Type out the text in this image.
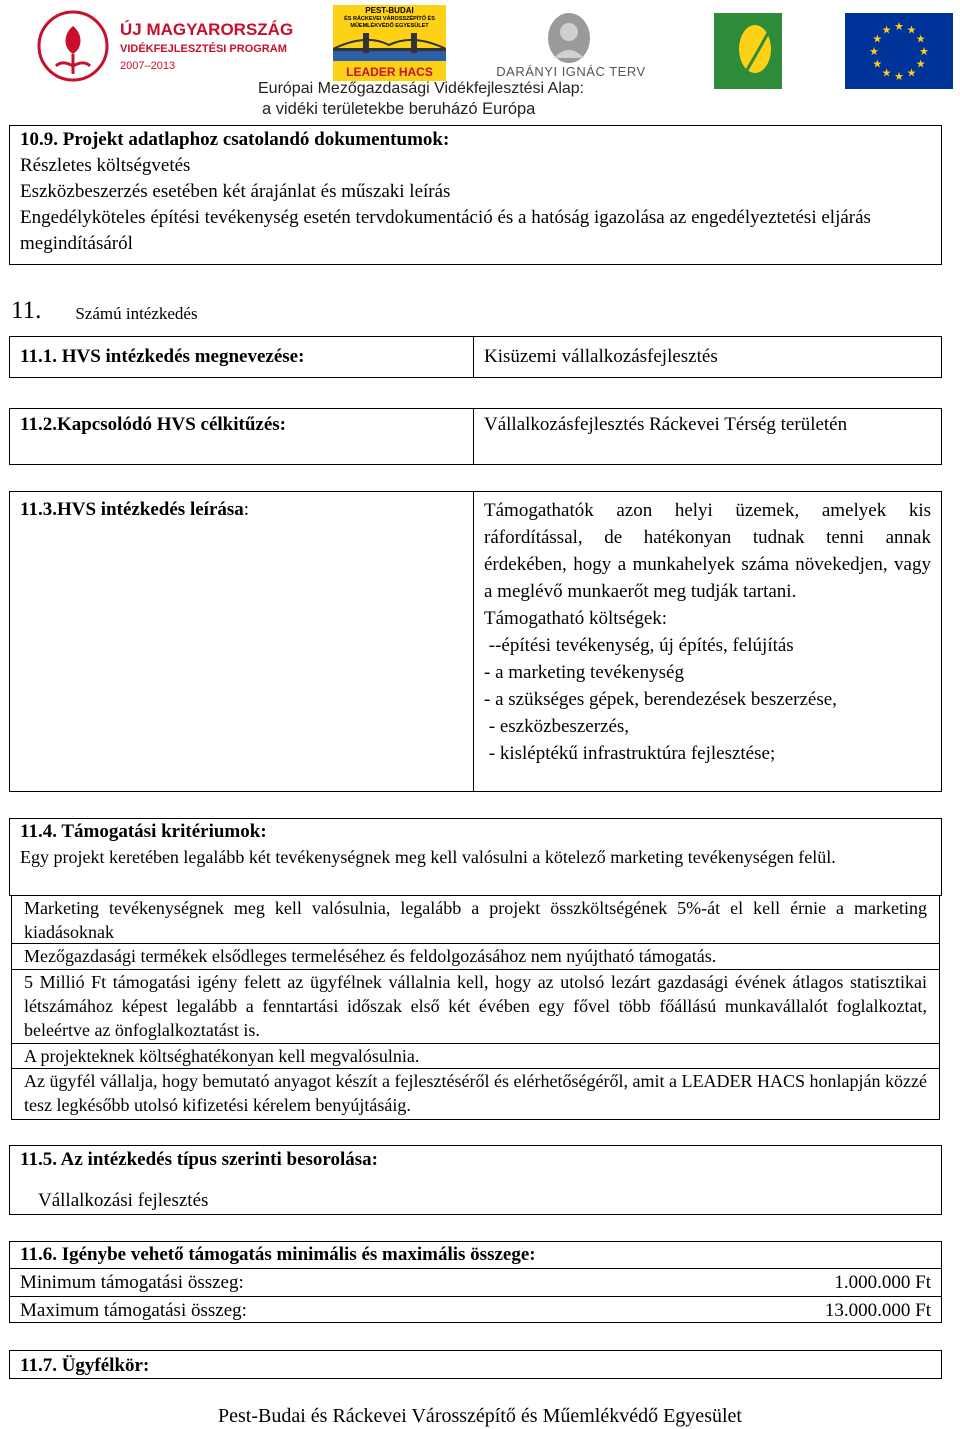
ÚJ MAGYARORSZÁG
VIDÉKFEJLESZTÉSI PROGRAM
2007–2013
PEST-BUDAI
ÉS RÁCKEVEI VÁROSSZÉPÍTŐ ÉS
MŰEMLÉKVÉDŐ EGYESÜLET
LEADER HACS	DARÁNYI IGNÁC TERV
LEADER
★ ★
★
★
★
★
★
★
★
★
★
★
Európai Mezőgazdasági Vidékfejlesztési Alap:
a vidéki területekbe beruházó Európa
10.9. Projekt adatlaphoz csatolandó dokumentumok:
Részletes költségvetés
Eszközbeszerzés esetében két árajánlat és műszaki leírás
Engedélyköteles építési tevékenység esetén tervdokumentáció és a hatóság igazolása az engedélyeztetési eljárás megindításáról
11. Számú intézkedés
11.1. HVS intézkedés megnevezése:	Kisüzemi vállalkozásfejlesztés
11.2.Kapcsolódó HVS célkitűzés:	Vállalkozásfejlesztés Ráckevei Térség területén
11.3.HVS intézkedés leírása:	Támogathatók azon helyi üzemek, amelyek kis ráfordítással, de hatékonyan tudnak tenni annak érdekében, hogy a munkahelyek száma növekedjen, vagy a meglévő munkaerőt meg tudják tartani.
Támogatható költségek:
--építési tevékenység, új építés, felújítás
- a marketing tevékenység
- a szükséges gépek, berendezések beszerzése,
- eszközbeszerzés,
- kisléptékű infrastruktúra fejlesztése;
11.4. Támogatási kritériumok:
Egy projekt keretében legalább két tevékenységnek meg kell valósulni a kötelező marketing tevékenységen felül.
Marketing tevékenységnek meg kell valósulnia, legalább a projekt összköltségének 5%-át el kell érnie a marketing kiadásoknak
Mezőgazdasági termékek elsődleges termeléséhez és feldolgozásához nem nyújtható támogatás.
5 Millió Ft támogatási igény felett az ügyfélnek vállalnia kell, hogy az utolsó lezárt gazdasági évének átlagos statisztikai létszámához képest legalább a fenntartási időszak első két évében egy fővel több főállású munkavállalót foglalkoztat, beleértve az önfoglalkoztatást is.
A projekteknek költséghatékonyan kell megvalósulnia.
Az ügyfél vállalja, hogy bemutató anyagot készít a fejlesztéséről és elérhetőségéről, amit a LEADER HACS honlapján közzé tesz legkésőbb utolsó kifizetési kérelem benyújtásáig.
11.5. Az intézkedés típus szerinti besorolása:
Vállalkozási fejlesztés
11.6. Igénybe vehető támogatás minimális és maximális összege:
Minimum támogatási összeg:	1.000.000 Ft
Maximum támogatási összeg:	13.000.000 Ft
11.7. Ügyfélkör:
Pest-Budai és Ráckevei Városszépítő és Műemlékvédő Egyesület
